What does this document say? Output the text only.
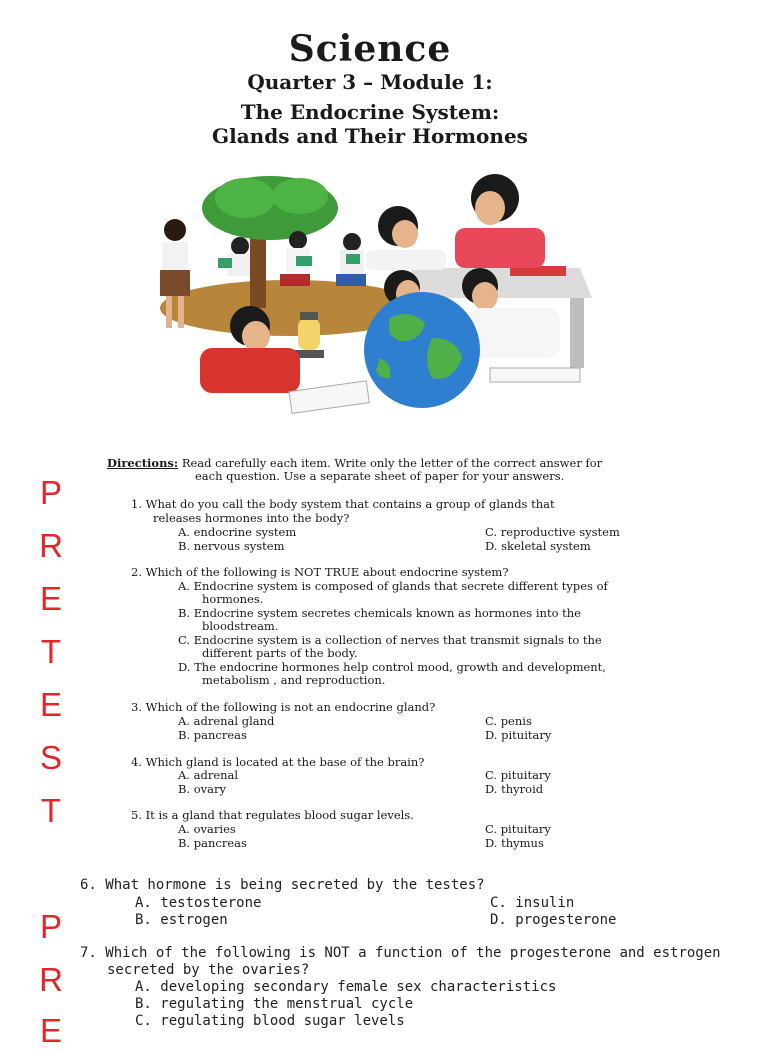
Science
Quarter 3 – Module 1:
The Endocrine System:
Glands and Their Hormones
P
R
E
T
E
S
T
P
R
E
Directions: Read carefully each item. Write only the letter of the correct answer for
each question. Use a separate sheet of paper for your answers.
1. What do you call the body system that contains a group of glands that
releases hormones into the body?
A. endocrine system	C. reproductive system
B. nervous system	D. skeletal system
2. Which of the following is NOT TRUE about endocrine system?
A. Endocrine system is composed of glands that secrete different types of
hormones.
B. Endocrine system secretes chemicals known as hormones into the
bloodstream.
C. Endocrine system is a collection of nerves that transmit signals to the
different parts of the body.
D. The endocrine hormones help control mood, growth and development,
metabolism , and reproduction.
3. Which of the following is not an endocrine gland?
A. adrenal gland	C. penis
B. pancreas	D. pituitary
4. Which gland is located at the base of the brain?
A. adrenal	C. pituitary
B. ovary	D. thyroid
5. It is a gland that regulates blood sugar levels.
A. ovaries	C. pituitary
B. pancreas	D. thymus
6. What hormone is being secreted by the testes?
A. testosterone	C. insulin
B. estrogen	D. progesterone
7. Which of the following is NOT a function of the progesterone and estrogen
secreted by the ovaries?
A. developing secondary female sex characteristics
B. regulating the menstrual cycle
C. regulating blood sugar levels
